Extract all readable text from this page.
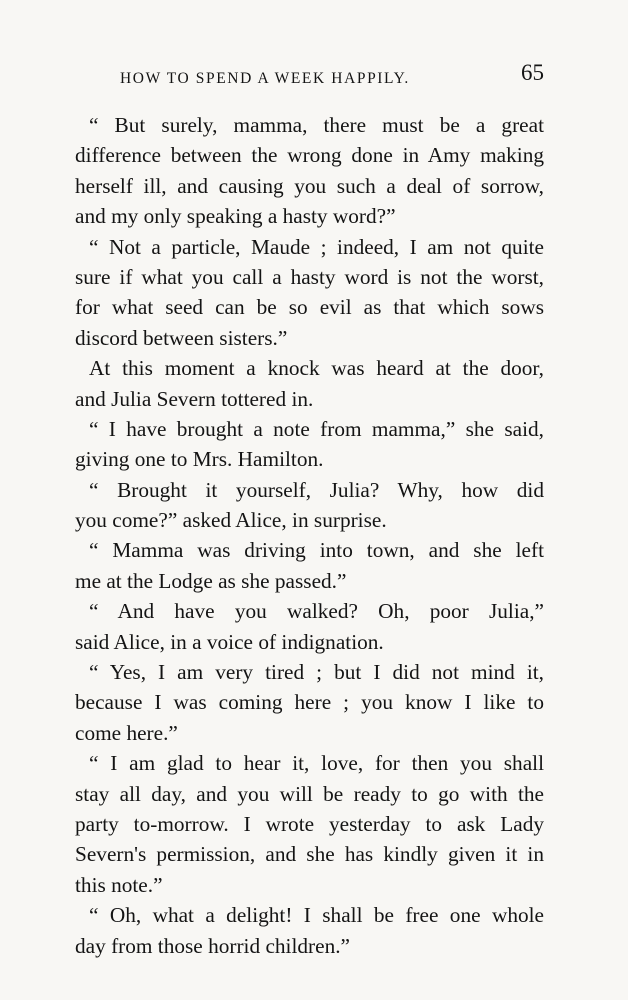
HOW TO SPEND A WEEK HAPPILY.	65
“ But surely, mamma, there must be a great
difference between the wrong done in Amy making
herself ill, and causing you such a deal of sorrow,
and my only speaking a hasty word?”
“ Not a particle, Maude ; indeed, I am not quite
sure if what you call a hasty word is not the worst,
for what seed can be so evil as that which sows
discord between sisters.”
At this moment a knock was heard at the door,
and Julia Severn tottered in.
“ I have brought a note from mamma,” she said,
giving one to Mrs. Hamilton.
“ Brought it yourself, Julia? Why, how did
you come?” asked Alice, in surprise.
“ Mamma was driving into town, and she left
me at the Lodge as she passed.”
“ And have you walked? Oh, poor Julia,”
said Alice, in a voice of indignation.
“ Yes, I am very tired ; but I did not mind it,
because I was coming here ; you know I like to
come here.”
“ I am glad to hear it, love, for then you shall
stay all day, and you will be ready to go with the
party to-morrow. I wrote yesterday to ask Lady
Severn's permission, and she has kindly given it in
this note.”
“ Oh, what a delight! I shall be free one whole
day from those horrid children.”
